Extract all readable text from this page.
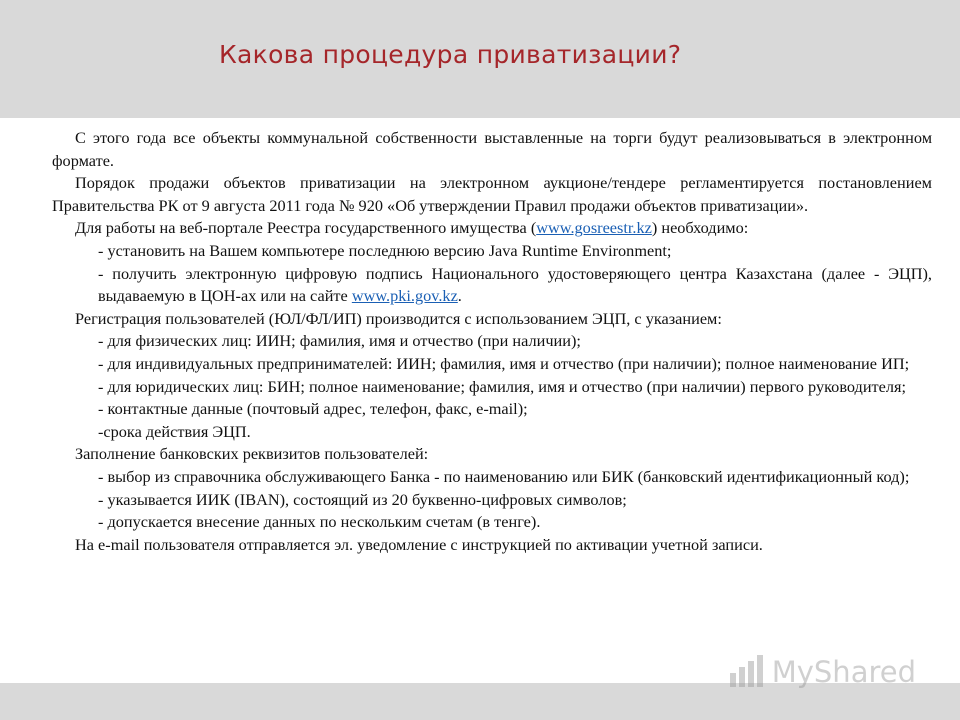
Какова процедура приватизации?

С этого года все объекты коммунальной собственности выставленные на торги будут реализовываться в электронном формате.

Порядок продажи объектов приватизации на электронном аукционе/тендере регламентируется постановлением Правительства РК от 9 августа 2011 года № 920 «Об утверждении Правил продажи объектов приватизации».

Для работы на веб-портале Реестра государственного имущества (www.gosreestr.kz) необходимо:

- установить на Вашем компьютере последнюю версию Java Runtime Environment;

- получить электронную цифровую подпись Национального удостоверяющего центра Казахстана (далее - ЭЦП), выдаваемую в ЦОН-ах или на сайте www.pki.gov.kz.

Регистрация пользователей (ЮЛ/ФЛ/ИП) производится с использованием ЭЦП, с указанием:

- для физических лиц: ИИН; фамилия, имя и отчество (при наличии);

- для индивидуальных предпринимателей: ИИН; фамилия, имя и отчество (при наличии); полное наименование ИП;

- для юридических лиц: БИН; полное наименование; фамилия, имя и отчество (при наличии) первого руководителя;

- контактные данные (почтовый адрес, телефон, факс, e-mail);

-срока действия ЭЦП.

Заполнение банковских реквизитов пользователей:

- выбор из справочника обслуживающего Банка - по наименованию или БИК (банковский идентификационный код);

- указывается ИИК (IBAN), состоящий из 20 буквенно-цифровых символов;

- допускается внесение данных по нескольким счетам (в тенге).

На e-mail пользователя отправляется эл. уведомление с инструкцией по активации учетной записи.

MyShared
